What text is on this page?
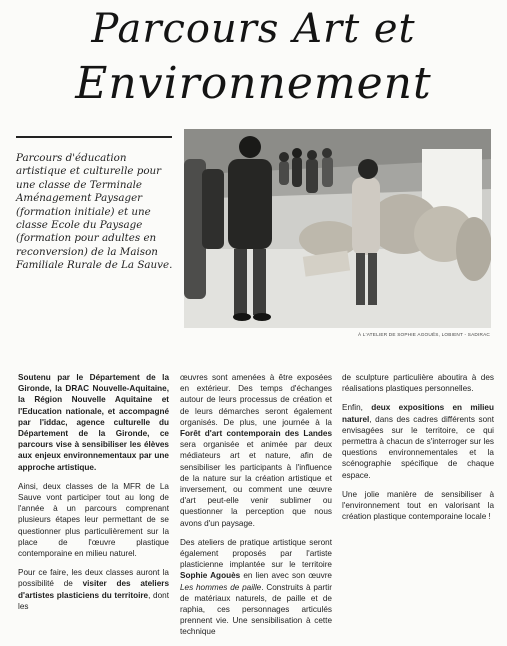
Parcours Art et
Environnement
Parcours d'éducation artistique et culturelle pour une classe de Terminale Aménagement Paysager (formation initiale) et une classe Ecole du Paysage (formation pour adultes en reconversion) de la Maison Familiale Rurale de La Sauve.
À L'ATELIER DE SOPHIE AGOUËS, LOBIENT - SADIRAC

Soutenu par le Département de la Gironde, la DRAC Nouvelle-Aquitaine, la Région Nouvelle Aquitaine et l'Education nationale, et accompagné par l'iddac, agence culturelle du Département de la Gironde, ce parcours vise à sensibiliser les élèves aux enjeux environnementaux par une approche artistique.

Ainsi, deux classes de la MFR de La Sauve vont participer tout au long de l'année à un parcours comprenant plusieurs étapes leur permettant de se questionner plus particulièrement sur la place de l'œuvre plastique contemporaine en milieu naturel.

Pour ce faire, les deux classes auront la possibilité de visiter des ateliers d'artistes plasticiens du territoire, dont les

œuvres sont amenées à être exposées en extérieur. Des temps d'échanges autour de leurs processus de création et de leurs démarches seront également organisés. De plus, une journée à la Forêt d'art contemporain des Landes sera organisée et animée par deux médiateurs art et nature, afin de sensibiliser les participants à l'influence de la nature sur la création artistique et inversement, ou comment une œuvre d'art peut-elle venir sublimer ou questionner la perception que nous avons d'un paysage.

Des ateliers de pratique artistique seront également proposés par l'artiste plasticienne implantée sur le territoire Sophie Agouès en lien avec son œuvre Les hommes de paille. Construits à partir de matériaux naturels, de paille et de raphia, ces personnages articulés prennent vie. Une sensibilisation à cette technique

de sculpture particulière aboutira à des réalisations plastiques personnelles.

Enfin, deux expositions en milieu naturel, dans des cadres différents sont envisagées sur le territoire, ce qui permettra à chacun de s'interroger sur les questions environnementales et la scénographie spécifique de chaque espace.

Une jolie manière de sensibiliser à l'environnement tout en valorisant la création plastique contemporaine locale !
